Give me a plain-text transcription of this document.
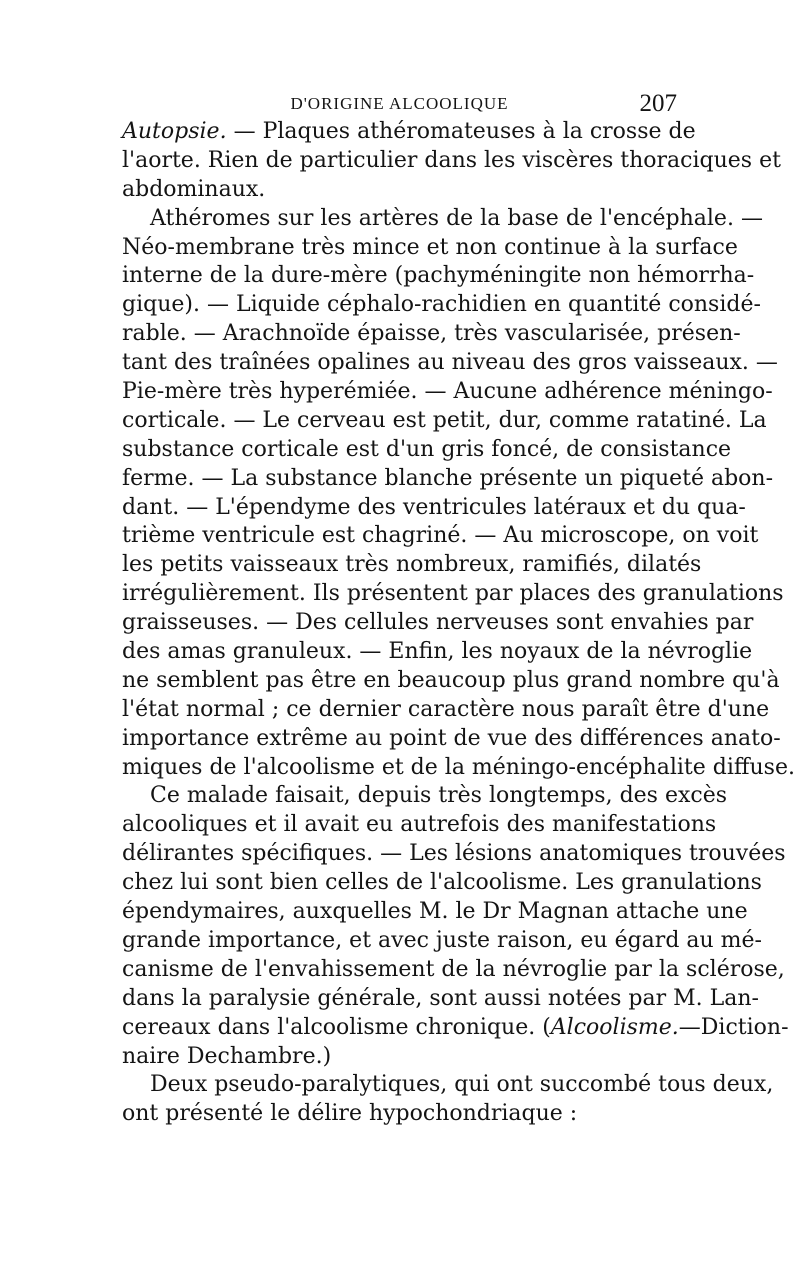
D'ORIGINE ALCOOLIQUE	207
Autopsie. — Plaques athéromateuses à la crosse de
l'aorte. Rien de particulier dans les viscères thoraciques et
abdominaux.
Athéromes sur les artères de la base de l'encéphale. —
Néo-membrane très mince et non continue à la surface
interne de la dure-mère (pachyméningite non hémorrha-
gique). — Liquide céphalo-rachidien en quantité considé-
rable. — Arachnoïde épaisse, très vascularisée, présen-
tant des traînées opalines au niveau des gros vaisseaux. —
Pie-mère très hyperémiée. — Aucune adhérence méningo-
corticale. — Le cerveau est petit, dur, comme ratatiné. La
substance corticale est d'un gris foncé, de consistance
ferme. — La substance blanche présente un piqueté abon-
dant. — L'épendyme des ventricules latéraux et du qua-
trième ventricule est chagriné. — Au microscope, on voit
les petits vaisseaux très nombreux, ramifiés, dilatés
irrégulièrement. Ils présentent par places des granulations
graisseuses. — Des cellules nerveuses sont envahies par
des amas granuleux. — Enfin, les noyaux de la névroglie
ne semblent pas être en beaucoup plus grand nombre qu'à
l'état normal ; ce dernier caractère nous paraît être d'une
importance extrême au point de vue des différences anato-
miques de l'alcoolisme et de la méningo-encéphalite diffuse.
Ce malade faisait, depuis très longtemps, des excès
alcooliques et il avait eu autrefois des manifestations
délirantes spécifiques. — Les lésions anatomiques trouvées
chez lui sont bien celles de l'alcoolisme. Les granulations
épendymaires, auxquelles M. le Dr Magnan attache une
grande importance, et avec juste raison, eu égard au mé-
canisme de l'envahissement de la névroglie par la sclérose,
dans la paralysie générale, sont aussi notées par M. Lan-
cereaux dans l'alcoolisme chronique. (Alcoolisme.—Diction-
naire Dechambre.)
Deux pseudo-paralytiques, qui ont succombé tous deux,
ont présenté le délire hypochondriaque :
